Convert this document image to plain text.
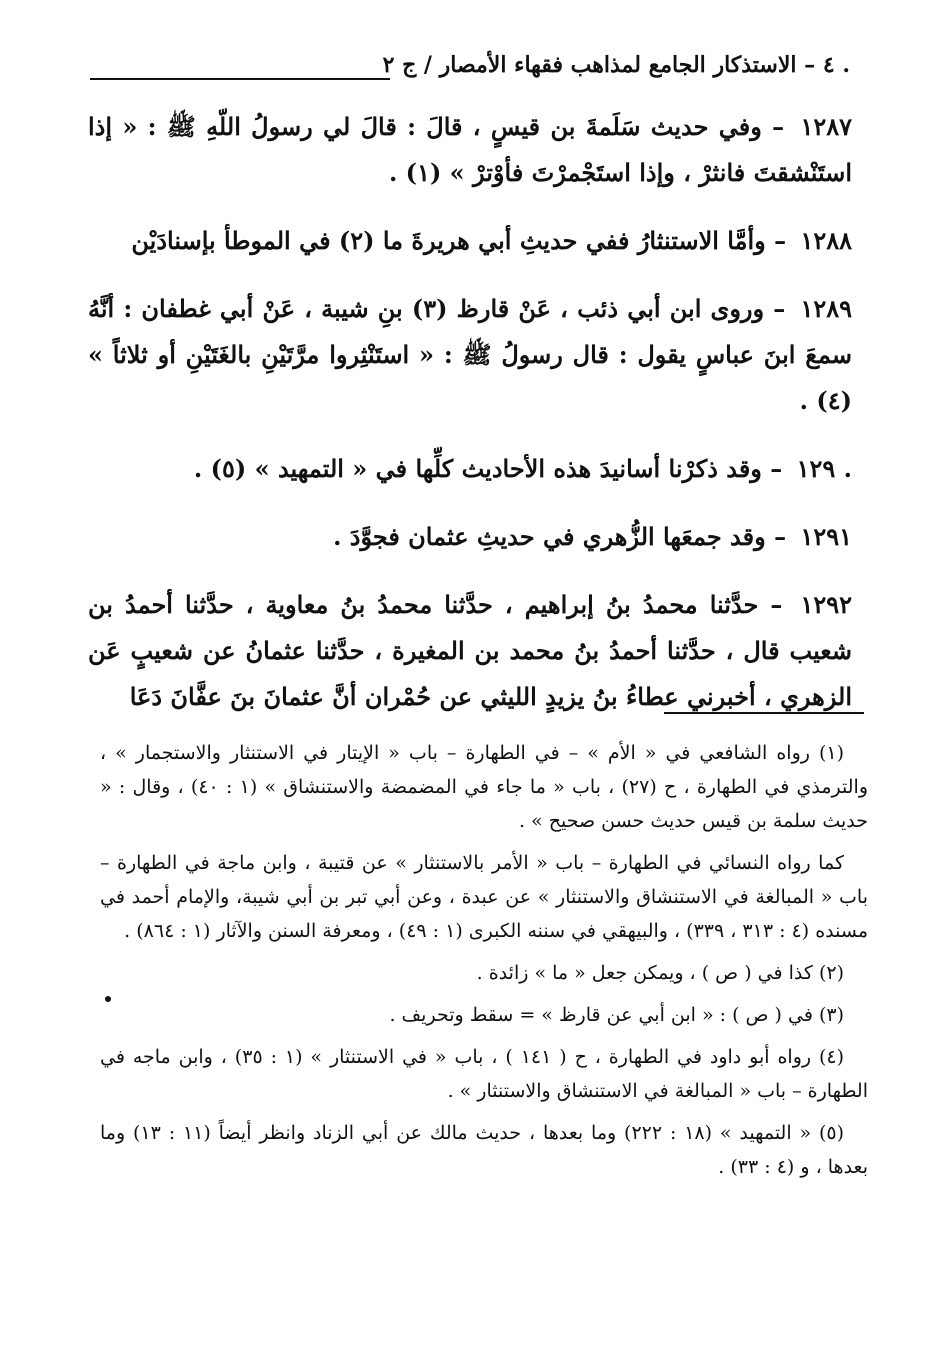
. ٤ – الاستذكار الجامع لمذاهب فقهاء الأمصار / ج ٢

١٢٨٧ – وفي حديث سَلَمةَ بن قيسٍ ، قالَ : قالَ لي رسولُ اللّهِ ﷺ : « إذا استَنْشقتَ فانثرْ ، وإذا استَجْمرْتَ فأوْترْ » (١) .

١٢٨٨ – وأمَّا الاستنثارُ ففي حديثِ أبي هريرةَ ما (٢) في الموطأ بإسنادَيْن

١٢٨٩ – وروى ابن أبي ذئب ، عَنْ قارظ (٣) بنِ شيبة ، عَنْ أبي غطفان : أنَّهُ سمعَ ابنَ عباسٍ يقول : قال رسولُ ﷺ : « استَنْثِروا مرَّتَيْنِ بالغَتَيْنِ أو ثلاثاً » (٤) .

. ١٢٩ – وقد ذكرْنا أسانيدَ هذه الأحاديث كلِّها في « التمهيد » (٥) .

١٢٩١ – وقد جمعَها الزُّهري في حديثِ عثمان فجوَّدَ .

١٢٩٢ – حدَّثنا محمدُ بنُ إبراهيم ، حدَّثنا محمدُ بنُ معاوية ، حدَّثنا أحمدُ بن شعيب قال ، حدَّثنا أحمدُ بنُ محمد بن المغيرة ، حدَّثنا عثمانُ عن شعيبٍ عَن الزهري ، أخبرني عطاءُ بنُ يزيدٍ الليثي عن حُمْران أنَّ عثمانَ بنَ عفَّانَ دَعَا

(١) رواه الشافعي في « الأم » – في الطهارة – باب « الإيتار في الاستنثار والاستجمار » ، والترمذي في الطهارة ، ح (٢٧) ، باب « ما جاء في المضمضة والاستنشاق » (١ : ٤٠) ، وقال : « حديث سلمة بن قيس حديث حسن صحيح » .

كما رواه النسائي في الطهارة – باب « الأمر بالاستنثار » عن قتيبة ، وابن ماجة في الطهارة – باب « المبالغة في الاستنشاق والاستنثار » عن عبدة ، وعن أبي تبر بن أبي شيبة، والإمام أحمد في مسنده (٤ : ٣١٣ ، ٣٣٩) ، والبيهقي في سننه الكبرى (١ : ٤٩) ، ومعرفة السنن والآثار (١ : ٨٦٤) .

(٢) كذا في ( ص ) ، ويمكن جعل « ما » زائدة .

(٣) في ( ص ) : « ابن أبي عن قارظ » = سقط وتحريف .

(٤) رواه أبو داود في الطهارة ، ح ( ١٤١ ) ، باب « في الاستنثار » (١ : ٣٥) ، وابن ماجه في الطهارة – باب « المبالغة في الاستنشاق والاستنثار » .

(٥) « التمهيد » (١٨ : ٢٢٢) وما بعدها ، حديث مالك عن أبي الزناد وانظر أيضاً (١١ : ١٣) وما بعدها ، و (٤ : ٣٣) .
